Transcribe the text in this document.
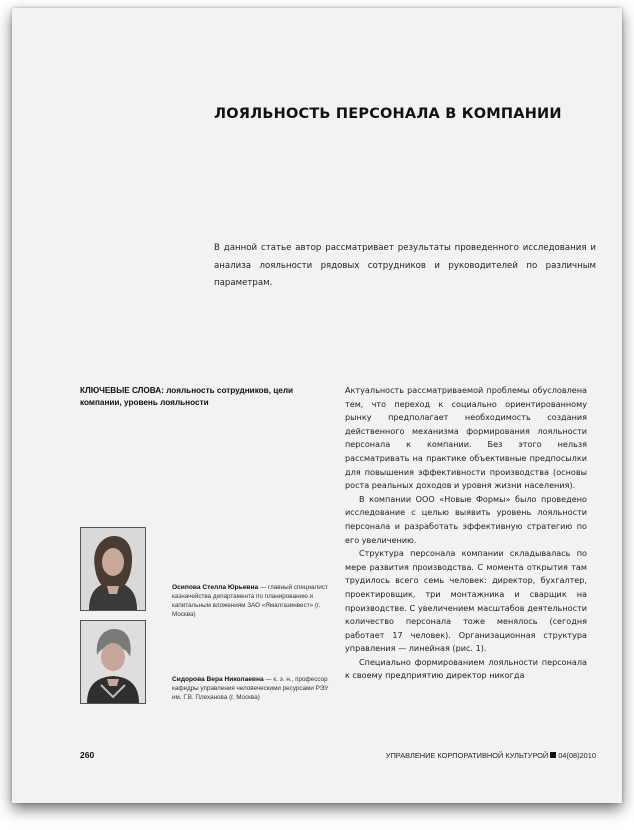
ЛОЯЛЬНОСТЬ ПЕРСОНАЛА В КОМПАНИИ
В данной статье автор рассматривает результаты проведенного исследования и анализа лояльности рядовых сотрудников и руководителей по различным параметрам.
КЛЮЧЕВЫЕ СЛОВА: лояльность сотрудников, цели компании, уровень лояльности

Актуальность рассматриваемой проблемы обусловлена тем, что переход к социально ориентированному рынку предполагает необходимость создания действенного механизма формирования лояльности персонала к компании. Без этого нельзя рассматривать на практике объективные предпосылки для повышения эффективности производства (основы роста реальных доходов и уровня жизни населения).

В компании ООО «Новые Формы» было проведено исследование с целью выявить уровень лояльности персонала и разработать эффективную стратегию по его увеличению.

Структура персонала компании складывалась по мере развития производства. С момента открытия там трудилось всего семь человек: директор, бухгалтер, проектировщик, три монтажника и сварщик на производстве. С увеличением масштабов деятельности количество персонала тоже менялось (сегодня работает 17 человек). Организационная структура управления — линейная (рис. 1).

Специально формированием лояльности персонала к своему предприятию директор никогда

Осипова Стелла Юрьевна — главный специалист казначейства департамента по планированию и капитальным вложениям ЗАО «Ямалгазинвест» (г. Москва)
Сидорова Вера Николаевна — к. э. н., профессор кафедры управления человеческими ресурсами РЭУ им. Г.В. Плеханова (г. Москва)
260	УПРАВЛЕНИЕ КОРПОРАТИВНОЙ КУЛЬТУРОЙ 04(08)2010
